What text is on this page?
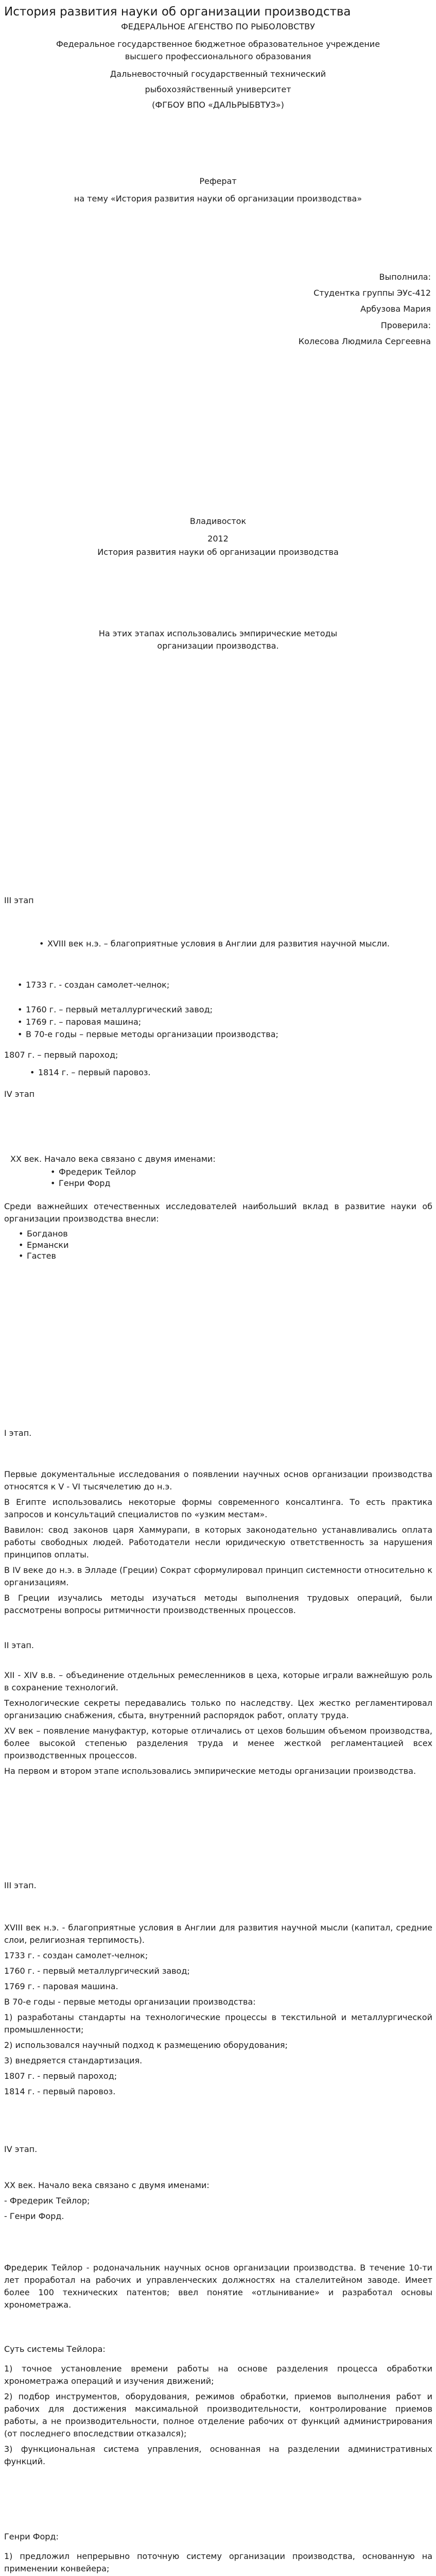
История развития науки об организации производства
ФЕДЕРАЛЬНОЕ АГЕНСТВО ПО РЫБОЛОВСТВУ
Федеральное государственное бюджетное образовательное учреждение
высшего профессионального образования
Дальневосточный государственный технический
рыбохозяйственный университет
(ФГБОУ ВПО «ДАЛЬРЫБВТУЗ»)
Реферат
на тему «История развития науки об организации производства»
Выполнила:
Студентка группы ЭУс-412
Арбузова Мария
Проверила:
Колесова Людмила Сергеевна
Владивосток
2012
История развития науки об организации производства
На этих этапах использовались эмпирические методы организации производства.
III этап
• XVIII век н.э. – благоприятные условия в Англии для развития научной мысли.
• 1733 г. - создан самолет-челнок;
• 1760 г. – первый металлургический завод;
• 1769 г. – паровая машина;
• В 70-е годы – первые методы организации производства;
1807 г. – первый пароход;
• 1814 г. – первый паровоз.
IV этап
XX век. Начало века связано с двумя именами:
• Фредерик Тейлор
• Генри Форд
Среди важнейших отечественных исследователей наибольший вклад в развитие науки об организации производства внесли:
• Богданов
• Ермански
• Гастев
I этап.

Первые документальные исследования о появлении научных основ организации производства относятся к V - VI тысячелетию до н.э.

В Египте использовались некоторые формы современного консалтинга. То есть практика запросов и консультаций специалистов по «узким местам».

Вавилон: свод законов царя Хаммурапи, в которых законодательно устанавливались оплата работы свободных людей. Работодатели несли юридическую ответственность за нарушения принципов оплаты.

В IV веке до н.э. в Элладе (Греции) Сократ сформулировал принцип системности относительно к организациям.

В Греции изучались методы изучаться методы выполнения трудовых операций, были рассмотрены вопросы ритмичности производственных процессов.

II этап.

XII - XIV в.в. – объединение отдельных ремесленников в цеха, которые играли важнейшую роль в сохранение технологий.

Технологические секреты передавались только по наследству. Цех жестко регламентировал организацию снабжения, сбыта, внутренний распорядок работ, оплату труда.

XV век – появление мануфактур, которые отличались от цехов большим объемом производства, более высокой степенью разделения труда и менее жесткой регламентацией всех производственных процессов.

На первом и втором этапе использовались эмпирические методы организации производства.

III этап.

XVIII век н.э. - благоприятные условия в Англии для развития научной мысли (капитал, средние слои, религиозная терпимость).

1733 г. - создан самолет-челнок;

1760 г. - первый металлургический завод;

1769 г. - паровая машина.

В 70-е годы - первые методы организации производства:

1) разработаны стандарты на технологические процессы в текстильной и металлургической промышленности;

2) использовался научный подход к размещению оборудования;

3) внедряется стандартизация.

1807 г. - первый пароход;

1814 г. - первый паровоз.

IV этап.

XX век. Начало века связано с двумя именами:

- Фредерик Тейлор;

- Генри Форд.

Фредерик Тейлор - родоначальник научных основ организации производства. В течение 10-ти лет проработал на рабочих и управленческих должностях на сталелитейном заводе. Имеет более 100 технических патентов; ввел понятие «отлынивание» и разработал основы хронометража.

Суть системы Тейлора:

1) точное установление времени работы на основе разделения процесса обработки хронометража операций и изучения движений;

2) подбор инструментов, оборудования, режимов обработки, приемов выполнения работ и рабочих для достижения максимальной производительности, контролирование приемов работы, а не производительности, полное отделение рабочих от функций администрирования (от последнего впоследствии отказался);

3) функциональная система управления, основанная на разделении административных функций.

Генри Форд:

1) предложил непрерывно поточную систему организации производства, основанную на применении конвейера;
